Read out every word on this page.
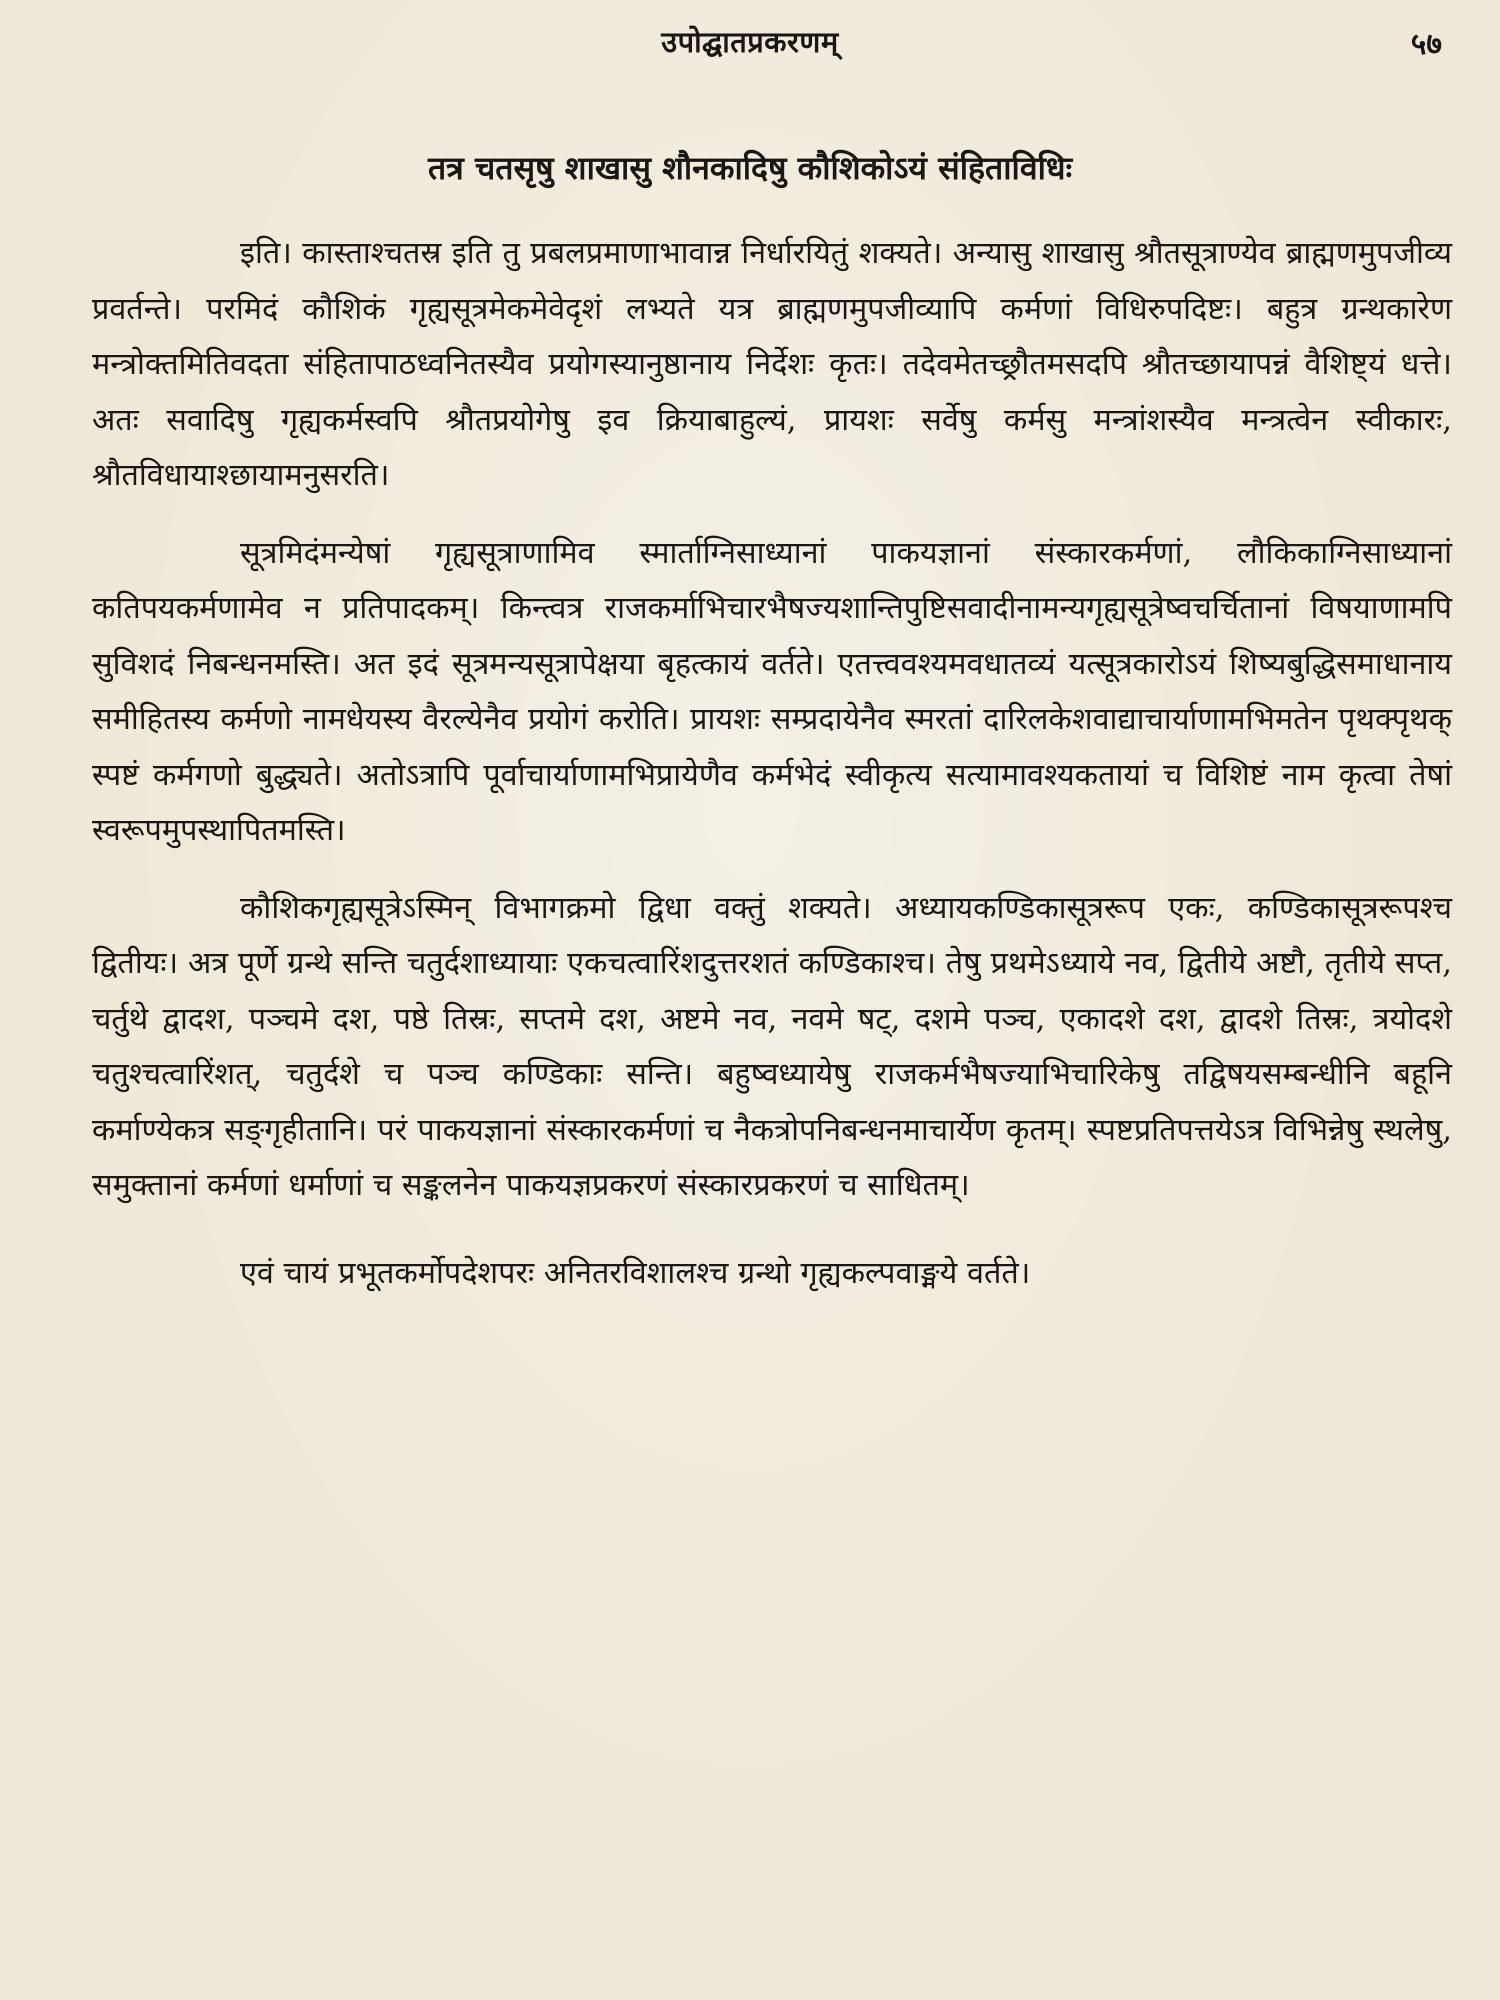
उपोद्घातप्रकरणम्	५७
तत्र चतसृषु शाखासु शौनकादिषु कौशिकोऽयं संहिताविधिः

इति। कास्ताश्चतस्र इति तु प्रबलप्रमाणाभावान्न निर्धारयितुं शक्यते। अन्यासु शाखासु श्रौतसूत्राण्येव ब्राह्मणमुपजीव्य प्रवर्तन्ते। परमिदं कौशिकं गृह्यसूत्रमेकमेवेदृशं लभ्यते यत्र ब्राह्मणमुपजीव्यापि कर्मणां विधिरुपदिष्टः। बहुत्र ग्रन्थकारेण मन्त्रोक्तमितिवदता संहितापाठध्वनितस्यैव प्रयोगस्यानुष्ठानाय निर्देशः कृतः। तदेवमेतच्छ्रौतमसदपि श्रौतच्छायापन्नं वैशिष्ट्यं धत्ते। अतः सवादिषु गृह्यकर्मस्वपि श्रौतप्रयोगेषु इव क्रियाबाहुल्यं, प्रायशः सर्वेषु कर्मसु मन्त्रांशस्यैव मन्त्रत्वेन स्वीकारः, श्रौतविधायाश्छायामनुसरति।

सूत्रमिदंमन्येषां गृह्यसूत्राणामिव स्मार्ताग्निसाध्यानां पाकयज्ञानां संस्कारकर्मणां, लौकिकाग्निसाध्यानां कतिपयकर्मणामेव न प्रतिपादकम्। किन्त्वत्र राजकर्माभिचारभैषज्यशान्तिपुष्टिसवादीनामन्यगृह्यसूत्रेष्वचर्चितानां विषयाणामपि सुविशदं निबन्धनमस्ति। अत इदं सूत्रमन्यसूत्रापेक्षया बृहत्कायं वर्तते। एतत्त्ववश्यमवधातव्यं यत्सूत्रकारोऽयं शिष्यबुद्धिसमाधानाय समीहितस्य कर्मणो नामधेयस्य वैरल्येनैव प्रयोगं करोति। प्रायशः सम्प्रदायेनैव स्मरतां दारिलकेशवाद्याचार्याणामभिमतेन पृथक्पृथक् स्पष्टं कर्मगणो बुद्ध्यते। अतोऽत्रापि पूर्वाचार्याणामभिप्रायेणैव कर्मभेदं स्वीकृत्य सत्यामावश्यकतायां च विशिष्टं नाम कृत्वा तेषां स्वरूपमुपस्थापितमस्ति।

कौशिकगृह्यसूत्रेऽस्मिन् विभागक्रमो द्विधा वक्तुं शक्यते। अध्यायकण्डिकासूत्ररूप एकः, कण्डिकासूत्ररूपश्च द्वितीयः। अत्र पूर्णे ग्रन्थे सन्ति चतुर्दशाध्यायाः एकचत्वारिंशदुत्तरशतं कण्डिकाश्च। तेषु प्रथमेऽध्याये नव, द्वितीये अष्टौ, तृतीये सप्त, चर्तुथे द्वादश, पञ्चमे दश, पष्ठे तिस्रः, सप्तमे दश, अष्टमे नव, नवमे षट्, दशमे पञ्च, एकादशे दश, द्वादशे तिस्रः, त्रयोदशे चतुश्चत्वारिंशत्, चतुर्दशे च पञ्च कण्डिकाः सन्ति। बहुष्वध्यायेषु राजकर्मभैषज्याभिचारिकेषु तद्विषयसम्बन्धीनि बहूनि कर्माण्येकत्र सङ्गृहीतानि। परं पाकयज्ञानां संस्कारकर्मणां च नैकत्रोपनिबन्धनमाचार्येण कृतम्। स्पष्टप्रतिपत्तयेऽत्र विभिन्नेषु स्थलेषु, समुक्तानां कर्मणां धर्माणां च सङ्कलनेन पाकयज्ञप्रकरणं संस्कारप्रकरणं च साधितम्।

एवं चायं प्रभूतकर्मोपदेशपरः अनितरविशालश्च ग्रन्थो गृह्यकल्पवाङ्मये वर्तते।
